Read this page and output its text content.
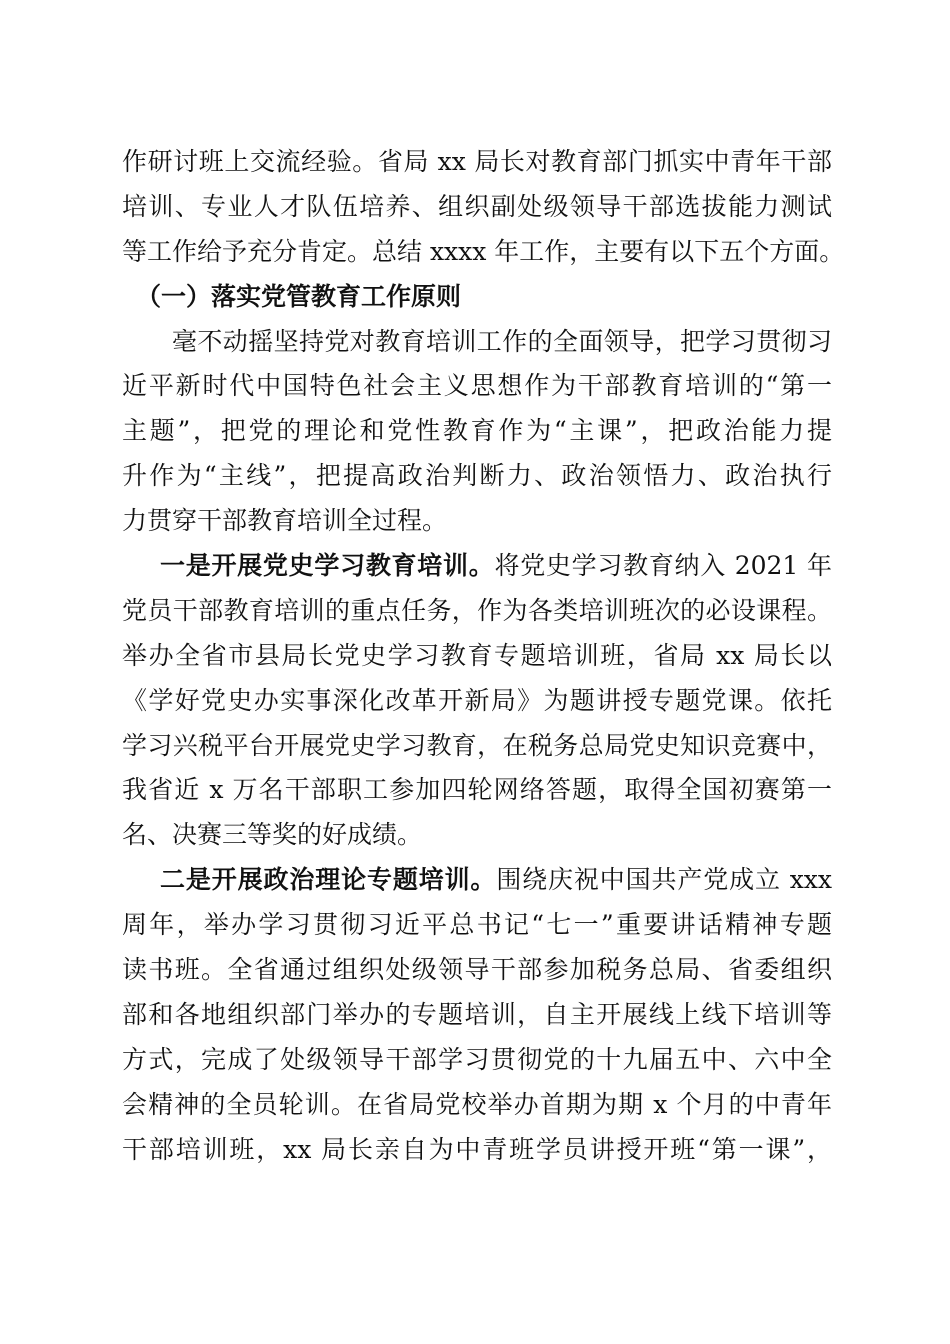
作研讨班上交流经验。省局 xx 局长对教育部门抓实中青年干部
培训、专业人才队伍培养、组织副处级领导干部选拔能力测试
等工作给予充分肯定。总结 xxxx 年工作，主要有以下五个方面。
（一）落实党管教育工作原则
毫不动摇坚持党对教育培训工作的全面领导，把学习贯彻习
近平新时代中国特色社会主义思想作为干部教育培训的“第一
主题”，把党的理论和党性教育作为“主课”，把政治能力提
升作为“主线”，把提高政治判断力、政治领悟力、政治执行
力贯穿干部教育培训全过程。
一是开展党史学习教育培训。将党史学习教育纳入 2021 年
党员干部教育培训的重点任务，作为各类培训班次的必设课程。
举办全省市县局长党史学习教育专题培训班，省局 xx 局长以
《学好党史办实事深化改革开新局》为题讲授专题党课。依托
学习兴税平台开展党史学习教育，在税务总局党史知识竞赛中，
我省近 x 万名干部职工参加四轮网络答题，取得全国初赛第一
名、决赛三等奖的好成绩。
二是开展政治理论专题培训。围绕庆祝中国共产党成立 xxx
周年，举办学习贯彻习近平总书记“七一”重要讲话精神专题
读书班。全省通过组织处级领导干部参加税务总局、省委组织
部和各地组织部门举办的专题培训，自主开展线上线下培训等
方式，完成了处级领导干部学习贯彻党的十九届五中、六中全
会精神的全员轮训。在省局党校举办首期为期 x 个月的中青年
干部培训班，xx 局长亲自为中青班学员讲授开班“第一课”，
